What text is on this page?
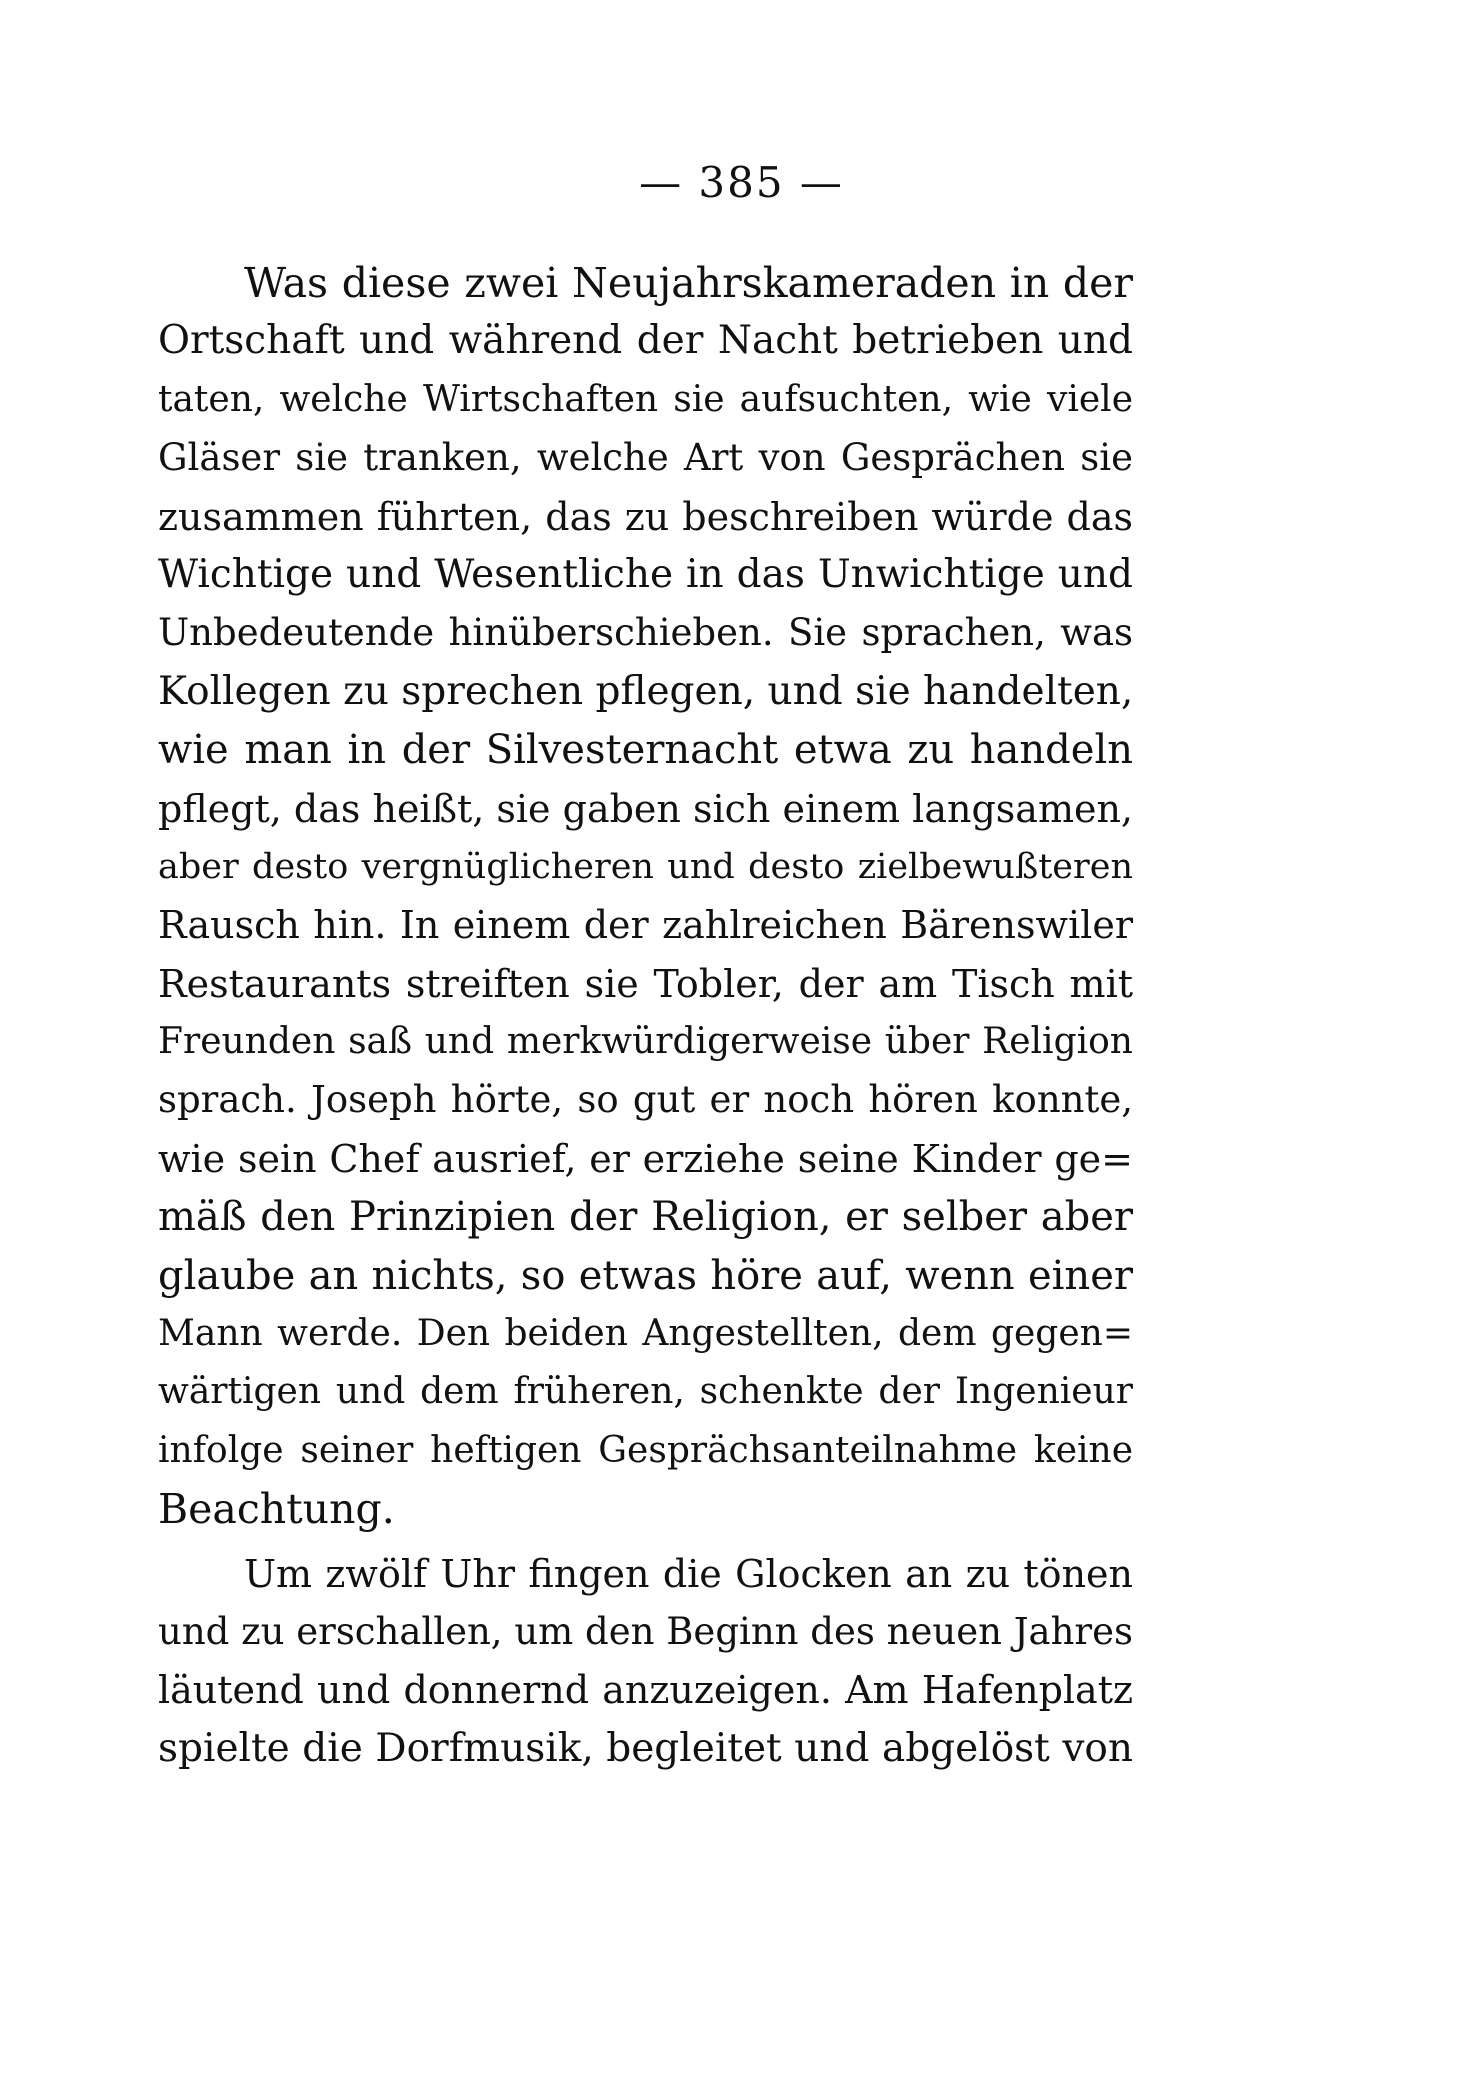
— 385 —
Was diese zwei Neujahrskameraden in der
Ortschaft und während der Nacht betrieben und
taten, welche Wirtschaften sie aufsuchten, wie viele
Gläser sie tranken, welche Art von Gesprächen sie
zusammen führten, das zu beschreiben würde das
Wichtige und Wesentliche in das Unwichtige und
Unbedeutende hinüberschieben. Sie sprachen, was
Kollegen zu sprechen pflegen, und sie handelten,
wie man in der Silvesternacht etwa zu handeln
pflegt, das heißt, sie gaben sich einem langsamen,
aber desto vergnüglicheren und desto zielbewußteren
Rausch hin. In einem der zahlreichen Bärenswiler
Restaurants streiften sie Tobler, der am Tisch mit
Freunden saß und merkwürdigerweise über Religion
sprach. Joseph hörte, so gut er noch hören konnte,
wie sein Chef ausrief, er erziehe seine Kinder ge=
mäß den Prinzipien der Religion, er selber aber
glaube an nichts, so etwas höre auf, wenn einer
Mann werde. Den beiden Angestellten, dem gegen=
wärtigen und dem früheren, schenkte der Ingenieur
infolge seiner heftigen Gesprächsanteilnahme keine
Beachtung.
Um zwölf Uhr fingen die Glocken an zu tönen
und zu erschallen, um den Beginn des neuen Jahres
läutend und donnernd anzuzeigen. Am Hafenplatz
spielte die Dorfmusik, begleitet und abgelöst von
